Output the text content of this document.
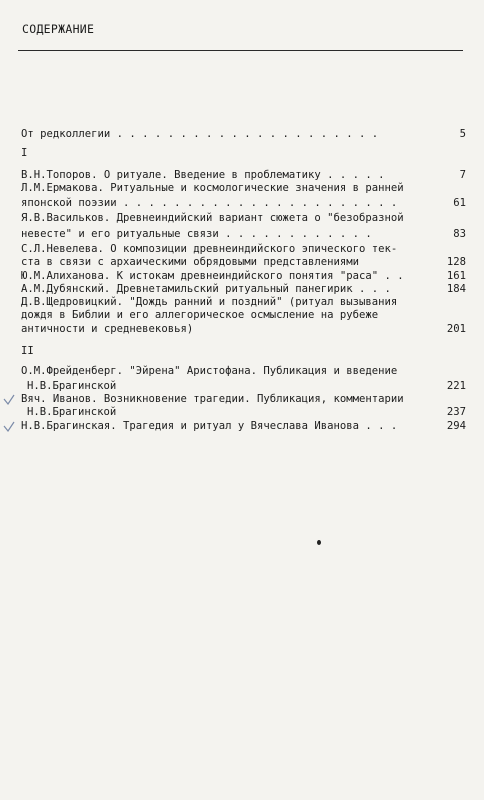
СОДЕРЖАНИЕ
От редколлегии . . . . . . . . . . . . . . . . . . . . .	5
I
В.Н.Топоров. О ритуале. Введение в проблематику . . . . .	7
Л.М.Ермакова. Ритуальные и космологические значения в ранней
японской поэзии . . . . . . . . . . . . . . . . . . . . . .	61
Я.В.Васильков. Древнеиндийский вариант сюжета о "безобразной
невесте" и его ритуальные связи . . . . . . . . . . . .	83
С.Л.Невелева. О композиции древнеиндийского эпического тек-
ста в связи с архаическими обрядовыми представлениями	128
Ю.М.Алиханова. К истокам древнеиндийского понятия "раса" . .	161
А.М.Дубянский. Древнетамильский ритуальный панегирик . . .	184
Д.В.Щедровицкий. "Дождь ранний и поздний" (ритуал вызывания
дождя в Библии и его аллегорическое осмысление на рубеже
античности и средневековья)	201
II
О.М.Фрейденберг. "Эйрена" Аристофана. Публикация и введение
Н.В.Брагинской	221
Вяч. Иванов. Возникновение трагедии. Публикация, комментарии
Н.В.Брагинской	237
Н.В.Брагинская. Трагедия и ритуал у Вячеслава Иванова . . .	294
